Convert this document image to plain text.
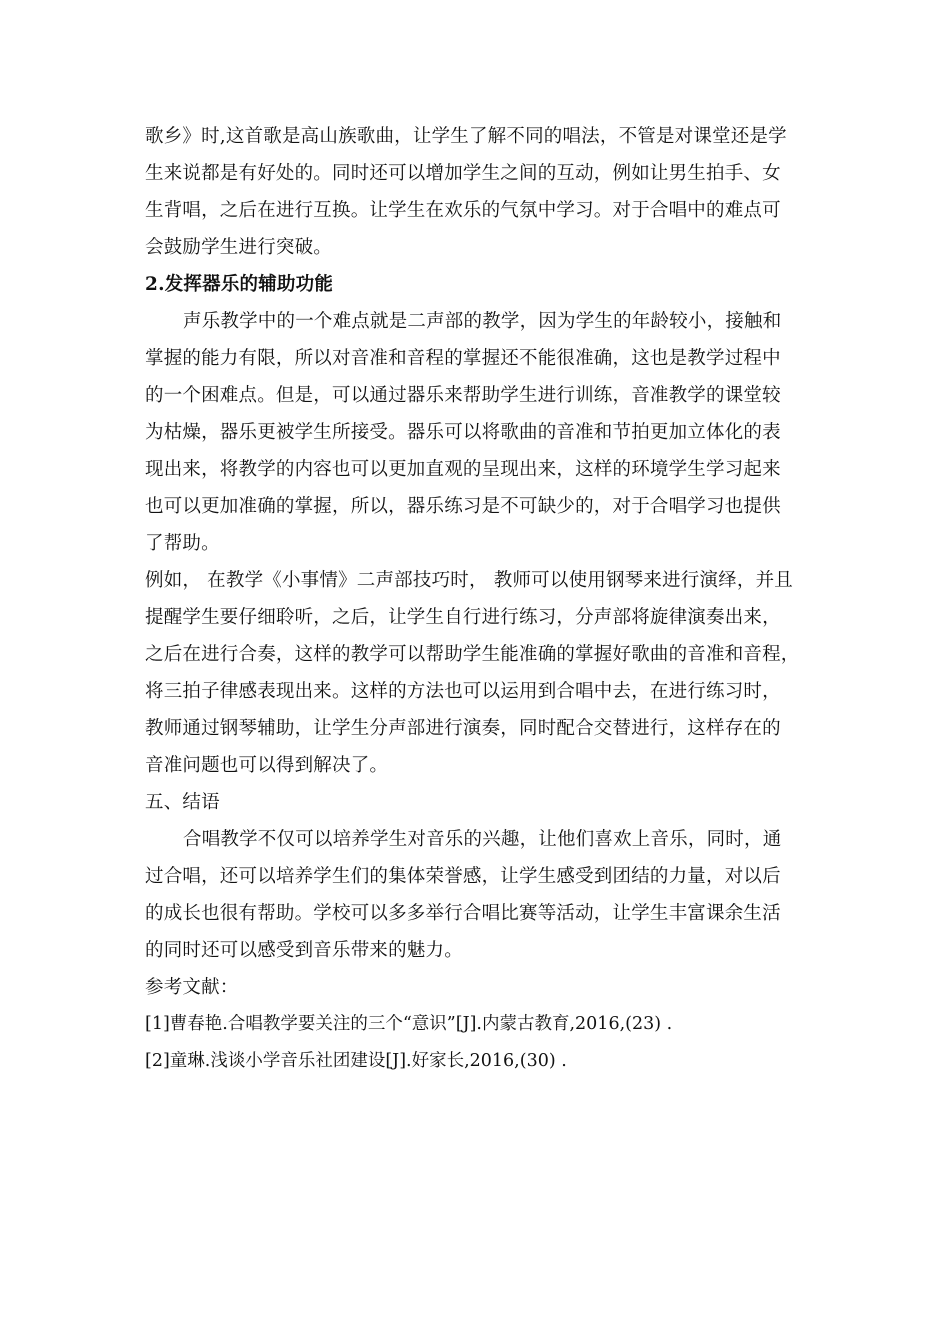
歌乡》时,这首歌是高山族歌曲，让学生了解不同的唱法，不管是对课堂还是学
生来说都是有好处的。同时还可以增加学生之间的互动，例如让男生拍手、女
生背唱，之后在进行互换。让学生在欢乐的气氛中学习。对于合唱中的难点可
会鼓励学生进行突破。
2.发挥器乐的辅助功能
声乐教学中的一个难点就是二声部的教学，因为学生的年龄较小，接触和
掌握的能力有限，所以对音准和音程的掌握还不能很准确，这也是教学过程中
的一个困难点。但是，可以通过器乐来帮助学生进行训练，音准教学的课堂较
为枯燥，器乐更被学生所接受。器乐可以将歌曲的音准和节拍更加立体化的表
现出来，将教学的内容也可以更加直观的呈现出来，这样的环境学生学习起来
也可以更加准确的掌握，所以，器乐练习是不可缺少的，对于合唱学习也提供
了帮助。
例如， 在教学《小事情》二声部技巧时， 教师可以使用钢琴来进行演绎，并且
提醒学生要仔细聆听，之后，让学生自行进行练习，分声部将旋律演奏出来，
之后在进行合奏，这样的教学可以帮助学生能准确的掌握好歌曲的音准和音程，
将三拍子律感表现出来。这样的方法也可以运用到合唱中去，在进行练习时，
教师通过钢琴辅助，让学生分声部进行演奏，同时配合交替进行，这样存在的
音准问题也可以得到解决了。
五、结语
合唱教学不仅可以培养学生对音乐的兴趣，让他们喜欢上音乐，同时，通
过合唱，还可以培养学生们的集体荣誉感，让学生感受到团结的力量，对以后
的成长也很有帮助。学校可以多多举行合唱比赛等活动，让学生丰富课余生活
的同时还可以感受到音乐带来的魅力。
参考文献：
[1]曹春艳.合唱教学要关注的三个“意识”[J].内蒙古教育,2016,(23) .
[2]童琳.浅谈小学音乐社团建设[J].好家长,2016,(30) .
